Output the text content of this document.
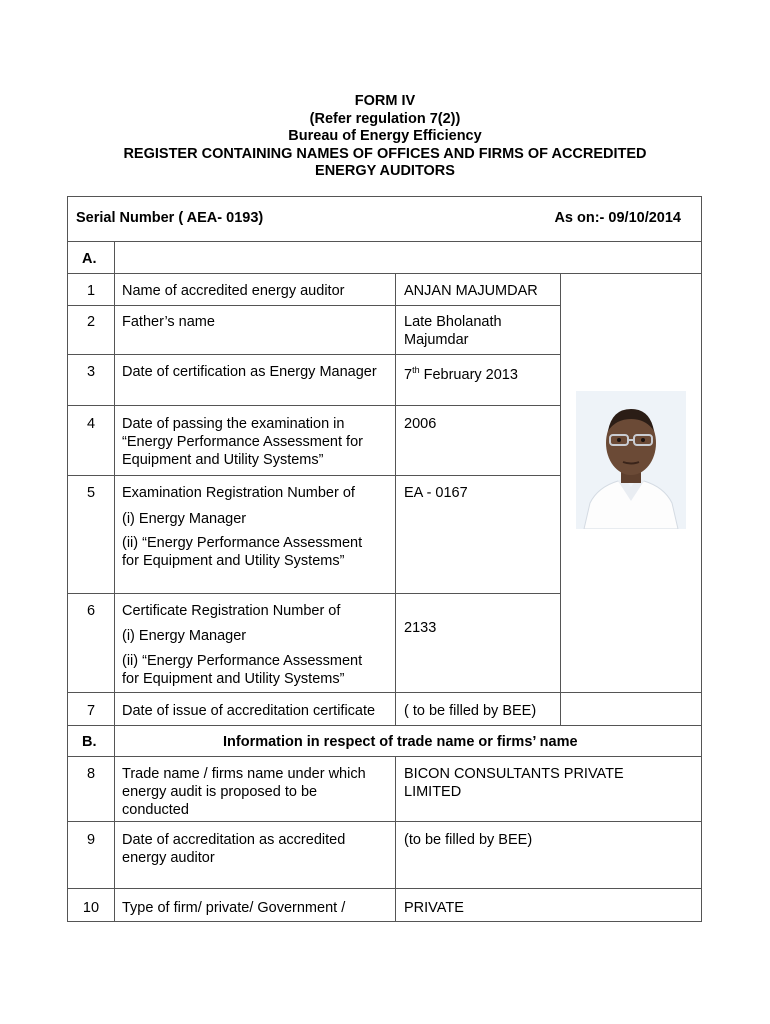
FORM IV
(Refer regulation 7(2))
Bureau of Energy Efficiency
REGISTER CONTAINING NAMES OF OFFICES AND FIRMS OF ACCREDITED
ENERGY AUDITORS
Serial Number ( AEA- 0193)	As on:- 09/10/2014
A.
1	Name of accredited energy auditor	ANJAN MAJUMDAR
2	Father’s name	Late Bholanath
Majumdar
3	Date of certification as Energy Manager 7th February 2013
4	Date of passing the examination in
“Energy Performance Assessment for
Equipment and Utility Systems”
2006
5	Examination Registration Number of
(i) Energy Manager
(ii) “Energy Performance Assessment
for Equipment and Utility Systems”
EA - 0167
6	Certificate Registration Number of
(i) Energy Manager
(ii) “Energy Performance Assessment
for Equipment and Utility Systems”
2133
7	Date of issue of accreditation certificate ( to be filled by BEE)
B.	Information in respect of trade name or firms’ name
8	Trade name / firms name under which
energy audit is proposed to be
conducted
BICON CONSULTANTS PRIVATE
LIMITED
9	Date of accreditation as accredited
energy auditor
(to be filled by BEE)
10	Type of firm/ private/ Government /	PRIVATE
